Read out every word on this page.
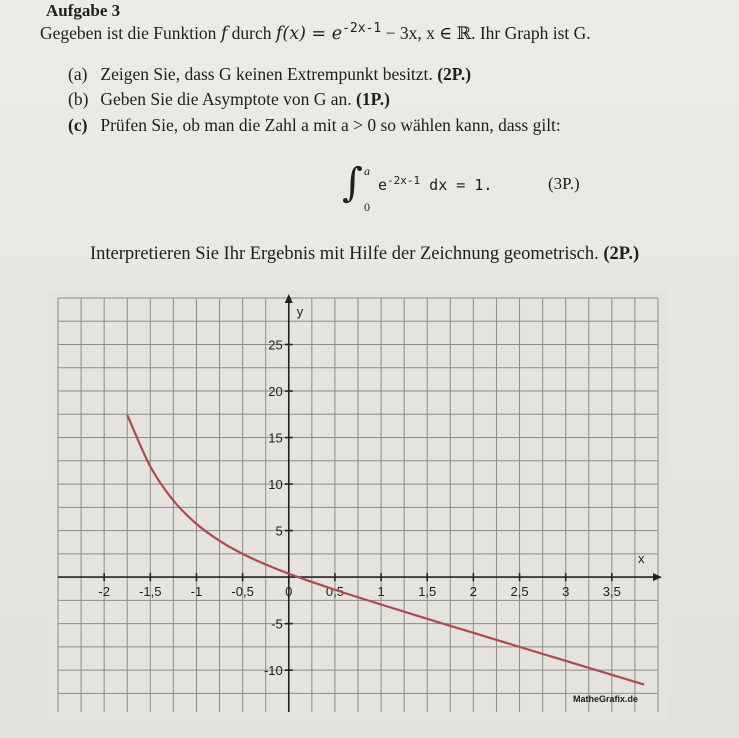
Aufgabe 3
Gegeben ist die Funktion f durch $f(x) = e^{-2x-1} - 3x$, x ∈ ℝ. Ihr Graph ist G.
(a) Zeigen Sie, dass G keinen Extrempunkt besitzt. (2P.)
(b) Geben Sie die Asymptote von G an. (1P.)
(c) Prüfen Sie, ob man die Zahl a mit a > 0 so wählen kann, dass gilt:
∫ a
0
$e^{-2x-1}$ dx = 1.	(3P.)
Interpretieren Sie Ihr Ergebnis mit Hilfe der Zeichnung geometrisch. (2P.)
x
y
-2 -1,5 -1 -0,5 0	0,5	1	1,5	2	2,5	3	3,5
25
20
15
10
5
-5
-10
MatheGrafix.de
